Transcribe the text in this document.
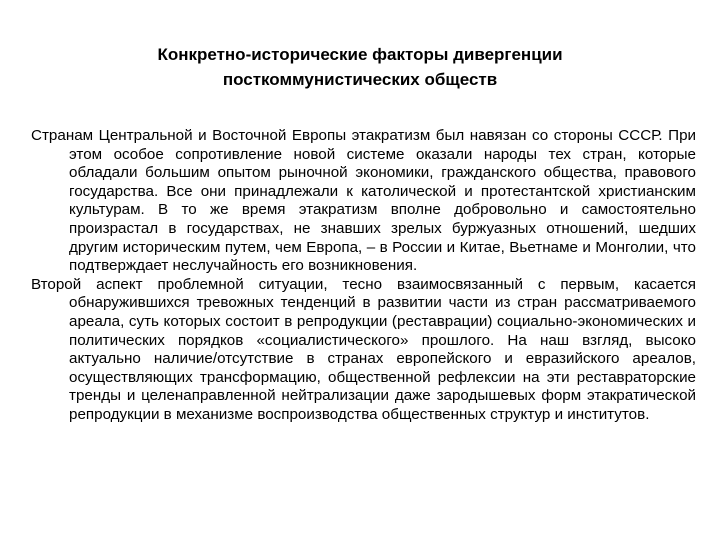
Конкретно-исторические факторы дивергенции
посткоммунистических обществ

Странам Центральной и Восточной Европы этакратизм был навязан со стороны СССР. При этом особое сопротивление новой системе оказали народы тех стран, которые обладали большим опытом рыночной экономики, гражданского общества, правового государства. Все они принадлежали к католической и протестантской христианским культурам. В то же время этакратизм вполне добровольно и самостоятельно произрастал в государствах, не знавших зрелых буржуазных отношений, шедших другим историческим путем, чем Европа, – в России и Китае, Вьетнаме и Монголии, что подтверждает неслучайность его возникновения.

Второй аспект проблемной ситуации, тесно взаимосвязанный с первым, касается обнаружившихся тревожных тенденций в развитии части из стран рассматриваемого ареала, суть которых состоит в репродукции (реставрации) социально-экономических и политических порядков «социалистического» прошлого. На наш взгляд, высоко актуально наличие/отсутствие в странах европейского и евразийского ареалов, осуществляющих трансформацию, общественной рефлексии на эти реставраторские тренды и целенаправленной нейтрализации даже зародышевых форм этакратической репродукции в механизме воспроизводства общественных структур и институтов.
